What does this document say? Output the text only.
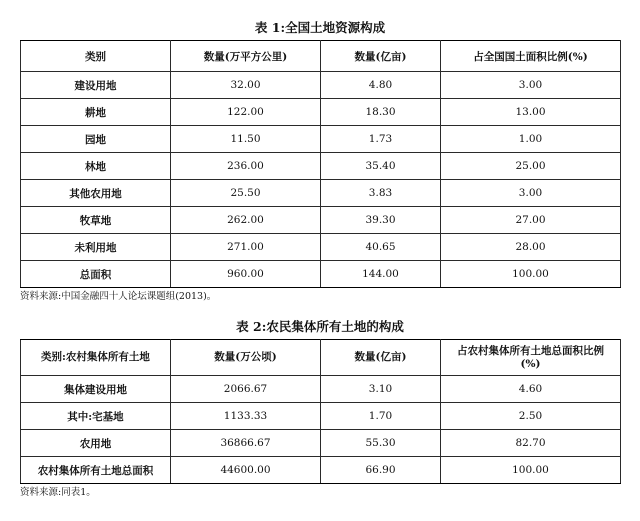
表 1:全国土地资源构成
类别	数量(万平方公里)	数量(亿亩)	占全国国土面积比例(%)
建设用地	32.00	4.80	3.00
耕地	122.00	18.30	13.00
园地	11.50	1.73	1.00
林地	236.00	35.40	25.00
其他农用地	25.50	3.83	3.00
牧草地	262.00	39.30	27.00
未利用地	271.00	40.65	28.00
总面积	960.00	144.00	100.00
资料来源:中国金融四十人论坛课题组(2013)。
表 2:农民集体所有土地的构成
类别:农村集体所有土地	数量(万公顷)	数量(亿亩)	占农村集体所有土地总面积比例
(%)
集体建设用地	2066.67	3.10	4.60
其中:宅基地	1133.33	1.70	2.50
农用地	36866.67	55.30	82.70
农村集体所有土地总面积	44600.00	66.90	100.00
资料来源:同表1。
